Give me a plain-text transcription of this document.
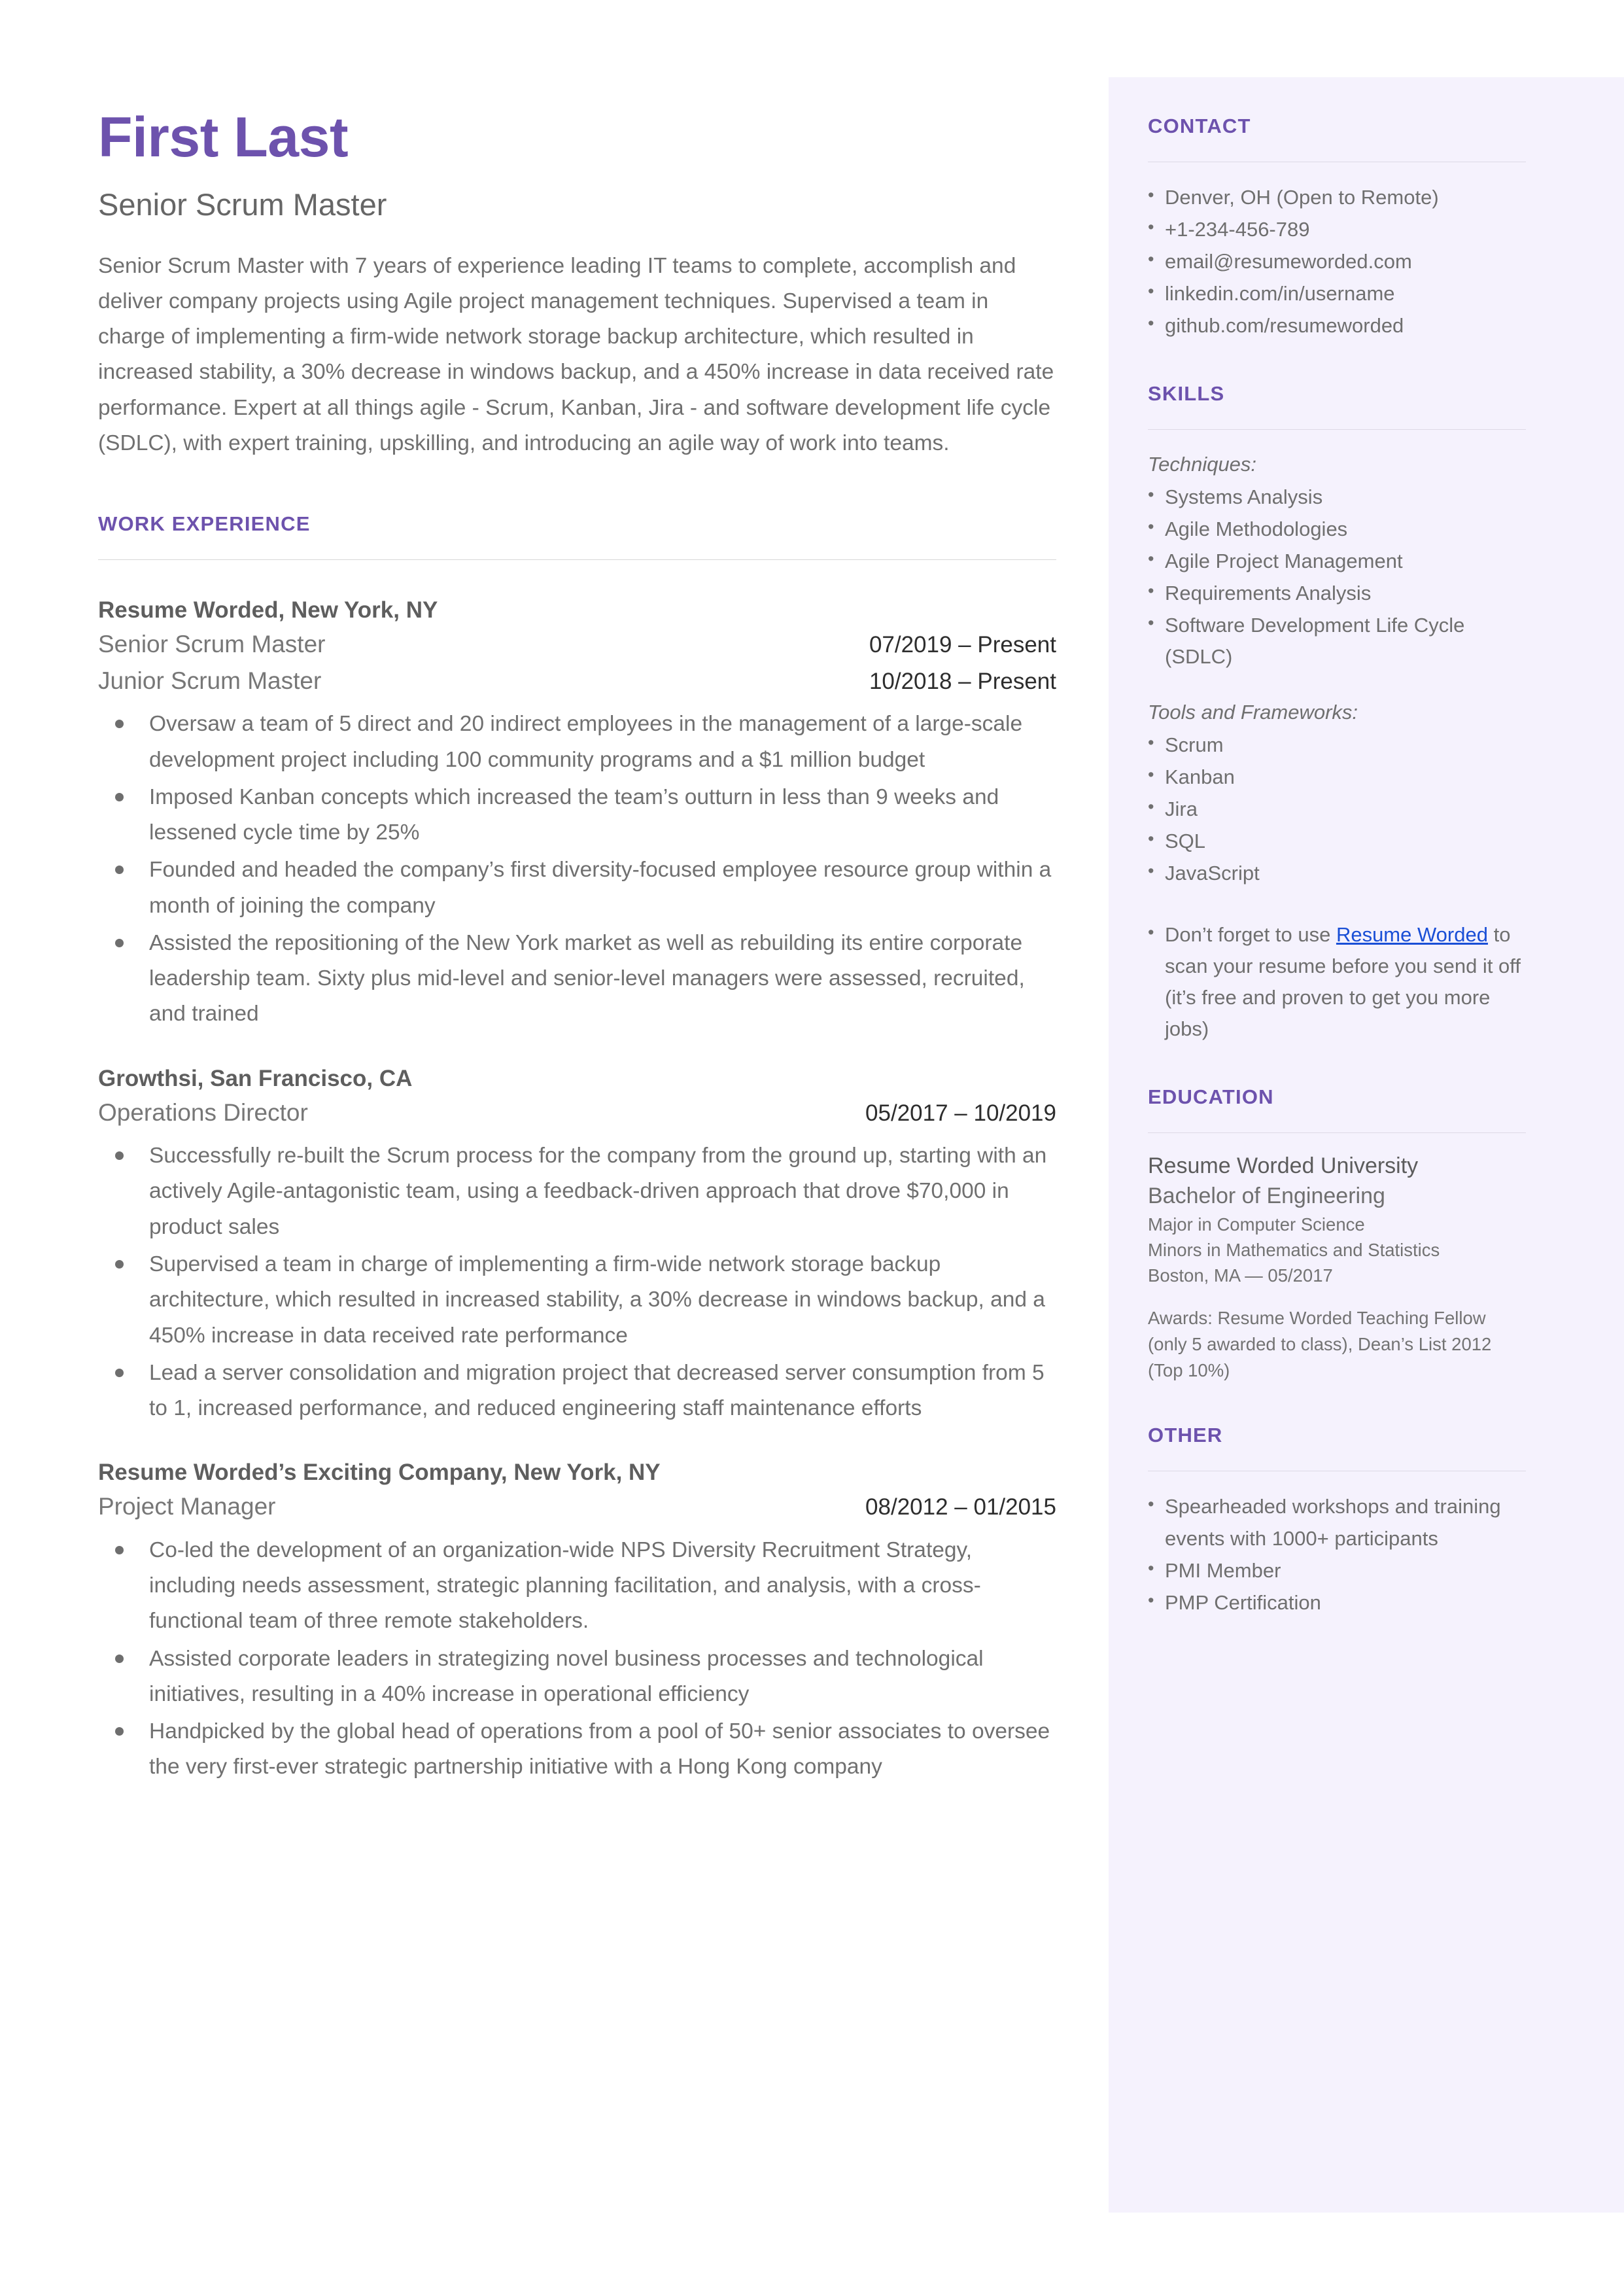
First Last
Senior Scrum Master

Senior Scrum Master with 7 years of experience leading IT teams to complete, accomplish and deliver company projects using Agile project management techniques. Supervised a team in charge of implementing a firm-wide network storage backup architecture, which resulted in increased stability, a 30% decrease in windows backup, and a 450% increase in data received rate performance. Expert at all things agile - Scrum, Kanban, Jira - and software development life cycle (SDLC), with expert training, upskilling, and introducing an agile way of work into teams.

WORK EXPERIENCE
Resume Worded, New York, NY
Senior Scrum Master	07/2019 – Present
Junior Scrum Master	10/2018 – Present
Oversaw a team of 5 direct and 20 indirect employees in the management of a large-scale development project including 100 community programs and a $1 million budget
Imposed Kanban concepts which increased the team’s outturn in less than 9 weeks and lessened cycle time by 25%
Founded and headed the company’s first diversity-focused employee resource group within a month of joining the company
Assisted the repositioning of the New York market as well as rebuilding its entire corporate leadership team. Sixty plus mid-level and senior-level managers were assessed, recruited, and trained
Growthsi, San Francisco, CA
Operations Director	05/2017 – 10/2019
Successfully re-built the Scrum process for the company from the ground up, starting with an actively Agile-antagonistic team, using a feedback-driven approach that drove $70,000 in product sales
Supervised a team in charge of implementing a firm-wide network storage backup architecture, which resulted in increased stability, a 30% decrease in windows backup, and a 450% increase in data received rate performance
Lead a server consolidation and migration project that decreased server consumption from 5 to 1, increased performance, and reduced engineering staff maintenance efforts
Resume Worded’s Exciting Company, New York, NY
Project Manager	08/2012 – 01/2015
Co-led the development of an organization-wide NPS Diversity Recruitment Strategy, including needs assessment, strategic planning facilitation, and analysis, with a cross-functional team of three remote stakeholders.
Assisted corporate leaders in strategizing novel business processes and technological initiatives, resulting in a 40% increase in operational efficiency
Handpicked by the global head of operations from a pool of 50+ senior associates to oversee the very first-ever strategic partnership initiative with a Hong Kong company
CONTACT
• Denver, OH (Open to Remote)
• +1-234-456-789
• email@resumeworded.com
• linkedin.com/in/username
• github.com/resumeworded
SKILLS
Techniques:
• Systems Analysis
• Agile Methodologies
• Agile Project Management
• Requirements Analysis
• Software Development Life Cycle (SDLC)
Tools and Frameworks:
• Scrum
• Kanban
• Jira
• SQL
• JavaScript
• Don’t forget to use Resume Worded to scan your resume before you send it off (it’s free and proven to get you more jobs)
EDUCATION
Resume Worded University
Bachelor of Engineering
Major in Computer Science
Minors in Mathematics and Statistics
Boston, MA — 05/2017
Awards: Resume Worded Teaching Fellow (only 5 awarded to class), Dean’s List 2012 (Top 10%)
OTHER
• Spearheaded workshops and training events with 1000+ participants
• PMI Member
• PMP Certification
